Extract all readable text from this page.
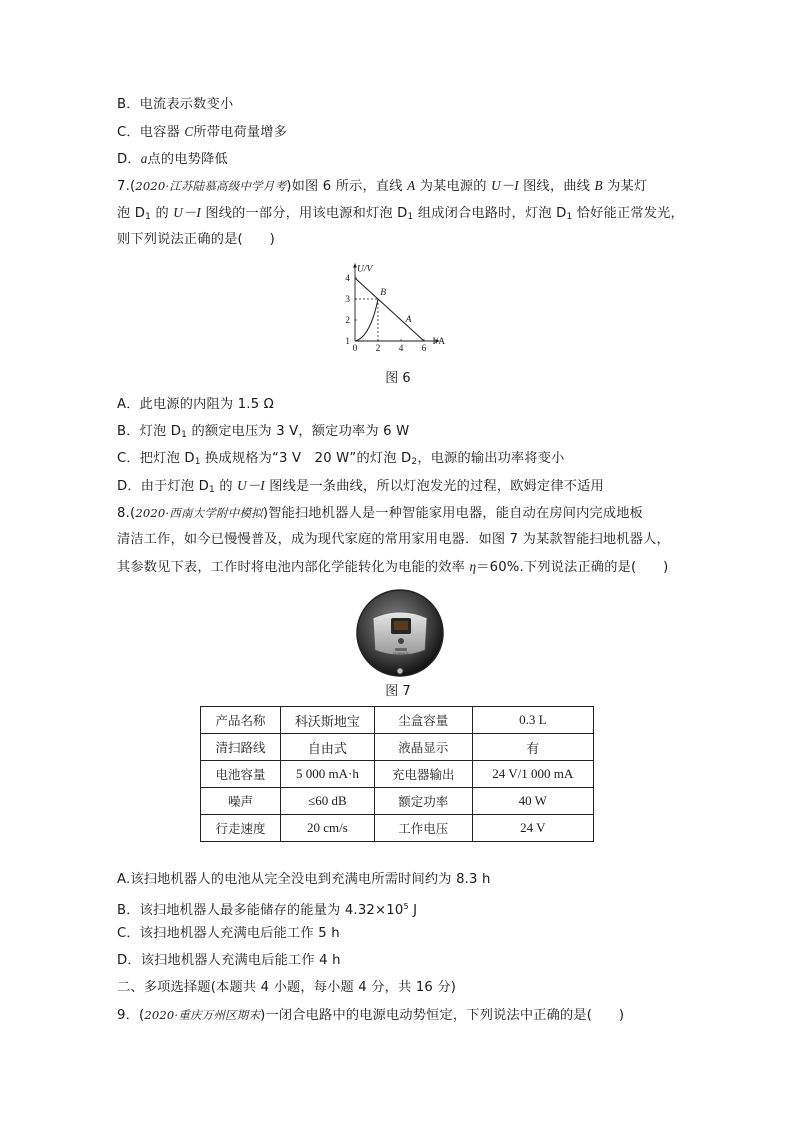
B．电流表示数变小
C．电容器 C所带电荷量增多
D．a点的电势降低
7.(2020·江苏陆慕高级中学月考)如图 6 所示，直线 A 为某电源的 U－I 图线，曲线 B 为某灯
泡 $D_1$ 的 U－I 图线的一部分，用该电源和灯泡 $D_1$ 组成闭合电路时，灯泡 $D_1$ 恰好能正常发光，
则下列说法正确的是(　　)
U/V
I/A
0 2 4 6
1
2
3
4
A
B
图 6
A．此电源的内阻为 1.5 Ω
B．灯泡 $D_1$ 的额定电压为 3 V，额定功率为 6 W
C．把灯泡 $D_1$ 换成规格为“3 V　20 W”的灯泡 $D_2$，电源的输出功率将变小
D．由于灯泡 $D_1$ 的 U－I 图线是一条曲线，所以灯泡发光的过程，欧姆定律不适用
8.(2020·西南大学附中模拟)智能扫地机器人是一种智能家用电器，能自动在房间内完成地板
清洁工作，如今已慢慢普及，成为现代家庭的常用家用电器．如图 7 为某款智能扫地机器人，
其参数见下表，工作时将电池内部化学能转化为电能的效率 η＝60%.下列说法正确的是(　　)
SCIENCE
图 7
产品名称	科沃斯地宝	尘盒容量	0.3 L
清扫路线	自由式	液晶显示	有
电池容量	5 000 mA·h	充电器输出	24 V/1 000 mA
噪声	≤60 dB	额定功率	40 W
行走速度	20 cm/s	工作电压	24 V
A.该扫地机器人的电池从完全没电到充满电所需时间约为 8.3 h
B．该扫地机器人最多能储存的能量为 $4.32\times 10^5$ J
C．该扫地机器人充满电后能工作 5 h
D．该扫地机器人充满电后能工作 4 h
二、多项选择题(本题共 4 小题，每小题 4 分，共 16 分)
9．(2020·重庆万州区期末)一闭合电路中的电源电动势恒定，下列说法中正确的是(　　)
